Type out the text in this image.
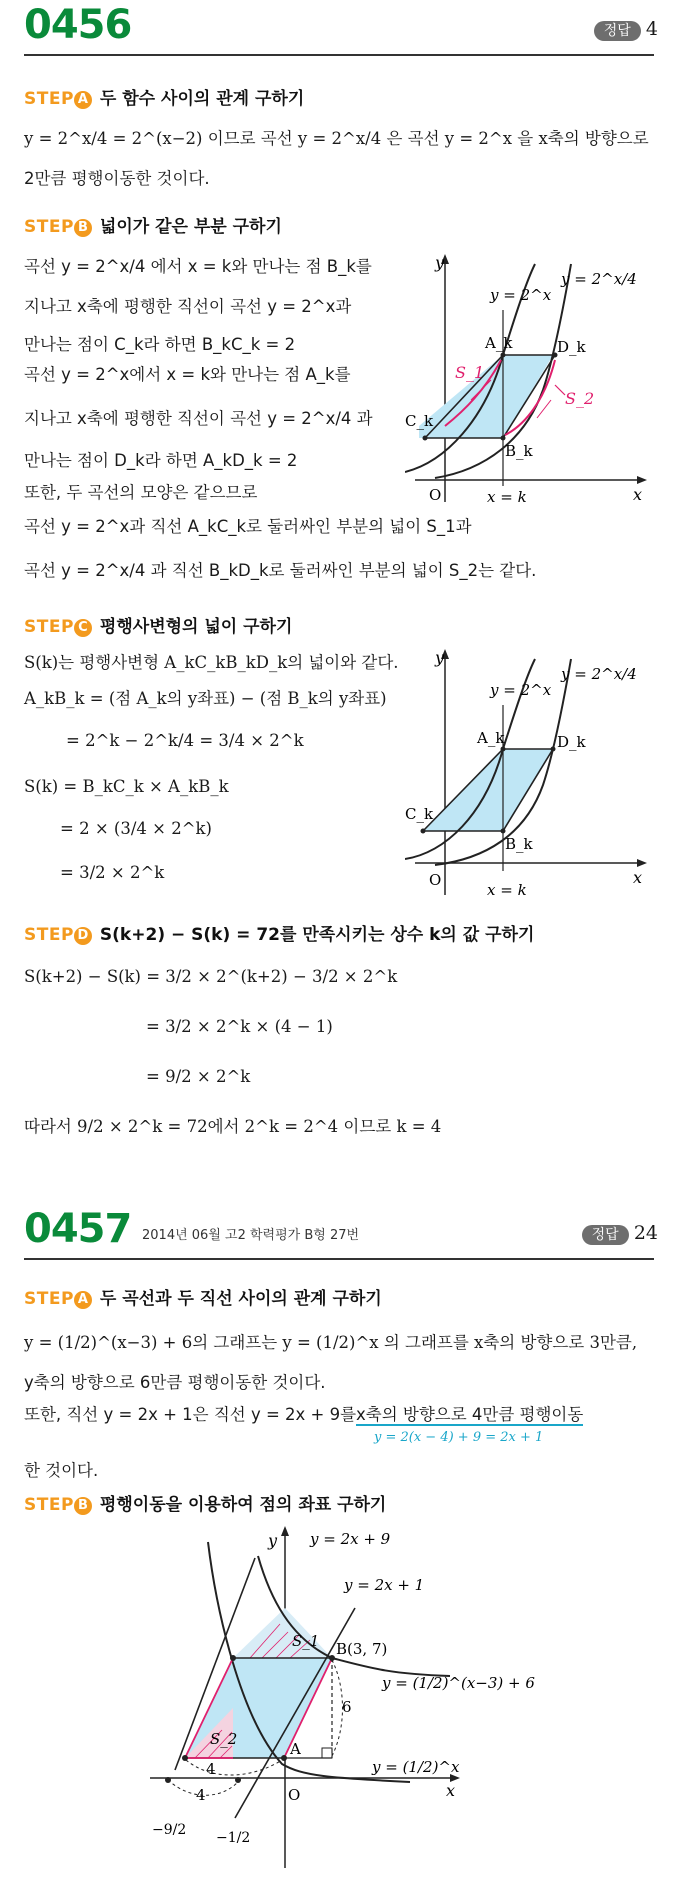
0456	정답 4
STEP A 두 함수 사이의 관계 구하기
y = 2^x/4 = 2^(x−2) 이므로 곡선 y = 2^x/4 은 곡선 y = 2^x 을 x축의 방향으로
2만큼 평행이동한 것이다.
STEP B 넓이가 같은 부분 구하기
곡선 y = 2^x/4 에서 x = k와 만나는 점 B_k를
지나고 x축에 평행한 직선이 곡선 y = 2^x과
만나는 점이 C_k라 하면 B_kC_k = 2
곡선 y = 2^x에서 x = k와 만나는 점 A_k를
지나고 x축에 평행한 직선이 곡선 y = 2^x/4 과
만나는 점이 D_k라 하면 A_kD_k = 2
또한, 두 곡선의 모양은 같으므로
곡선 y = 2^x과 직선 A_kC_k로 둘러싸인 부분의 넓이 S_1과
곡선 y = 2^x/4 과 직선 B_kD_k로 둘러싸인 부분의 넓이 S_2는 같다.
y
x
O	x = k
y = 2^x
y = 2^x/4
A_k
B_k
C_k
D_k
S_1
S_2
STEP C 평행사변형의 넓이 구하기
S(k)는 평행사변형 A_kC_kB_kD_k의 넓이와 같다.
A_kB_k = (점 A_k의 y좌표) − (점 B_k의 y좌표)
= 2^k − 2^k/4 = 3/4 × 2^k
S(k) = B_kC_k × A_kB_k
= 2 × (3/4 × 2^k)
= 3/2 × 2^k
y
x
O
x = k
y = 2^x
y = 2^x/4
A_k
B_k
C_k
D_k
STEP D S(k+2) − S(k) = 72를 만족시키는 상수 k의 값 구하기
S(k+2) − S(k) = 3/2 × 2^(k+2) − 3/2 × 2^k
= 3/2 × 2^k × (4 − 1)
= 9/2 × 2^k
따라서 9/2 × 2^k = 72에서 2^k = 2^4 이므로 k = 4
0457 2014년 06월 고2 학력평가 B형 27번	정답 24
STEP A 두 곡선과 두 직선 사이의 관계 구하기
y = (1/2)^(x−3) + 6의 그래프는 y = (1/2)^x 의 그래프를 x축의 방향으로 3만큼,
y축의 방향으로 6만큼 평행이동한 것이다.
또한, 직선 y = 2x + 1은 직선 y = 2x + 9를x축의 방향으로 4만큼 평행이동
y = 2(x − 4) + 9 = 2x + 1
한 것이다.
STEP B 평행이동을 이용하여 점의 좌표 구하기
y
x
O
y = 2x + 9
y = 2x + 1
y = (1/2)^(x−3) + 6
y = (1/2)^x
B(3, 7)
A
S_1
S_2
6
4
4
−9/2 −1/2
